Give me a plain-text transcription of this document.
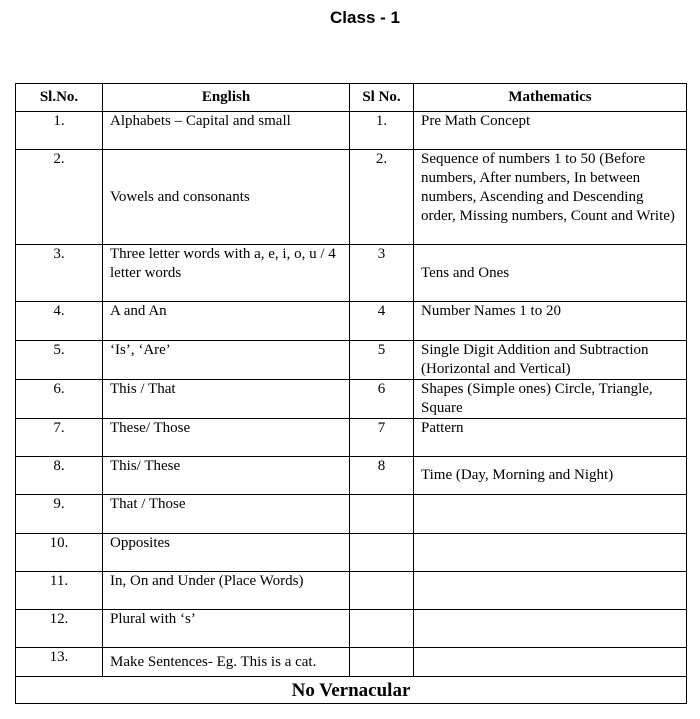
Class - 1
Sl.No.	English	Sl No.	Mathematics
1.	Alphabets – Capital and small	1.	Pre Math Concept
2.	Vowels and consonants	2.	Sequence of numbers 1 to 50 (Before numbers, After numbers, In between numbers, Ascending and Descending order, Missing numbers, Count and Write)
3.	Three letter words with a, e, i, o, u / 4 letter words	3	Tens and Ones
4.	A and An	4	Number Names 1 to 20
5.	‘Is’, ‘Are’	5	Single Digit Addition and Subtraction (Horizontal and Vertical)
6.	This / That	6	Shapes (Simple ones) Circle, Triangle, Square
7.	These/ Those	7	Pattern
8.	This/ These	8	Time (Day, Morning and Night)
9.	That / Those		
10.	Opposites		
11.	In, On and Under (Place Words)		
12.	Plural with ‘s’		
13.	Make Sentences- Eg. This is a cat.		
No Vernacular			
